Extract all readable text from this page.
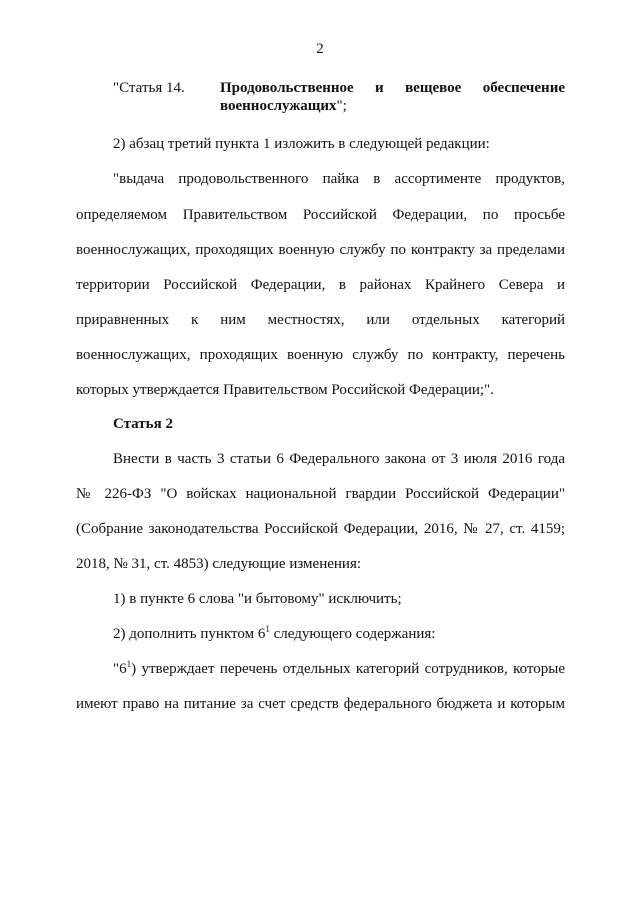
2
"Статья 14. Продовольственное и вещевое обеспечение
военнослужащих";
2) абзац третий пункта 1 изложить в следующей редакции:
"выдача продовольственного пайка в ассортименте продуктов,
определяемом Правительством Российской Федерации, по просьбе
военнослужащих, проходящих военную службу по контракту за пределами
территории Российской Федерации, в районах Крайнего Севера и
приравненных к ним местностях, или отдельных категорий
военнослужащих, проходящих военную службу по контракту, перечень
которых утверждается Правительством Российской Федерации;".
Статья 2
Внести в часть 3 статьи 6 Федерального закона от 3 июля 2016 года
№ 226-ФЗ "О войсках национальной гвардии Российской Федерации"
(Собрание законодательства Российской Федерации, 2016, № 27, ст. 4159;
2018, № 31, ст. 4853) следующие изменения:
1) в пункте 6 слова "и бытовому" исключить;
2) дополнить пунктом $6^1$ следующего содержания:
"$6^1$) утверждает перечень отдельных категорий сотрудников, которые
имеют право на питание за счет средств федерального бюджета и которым
